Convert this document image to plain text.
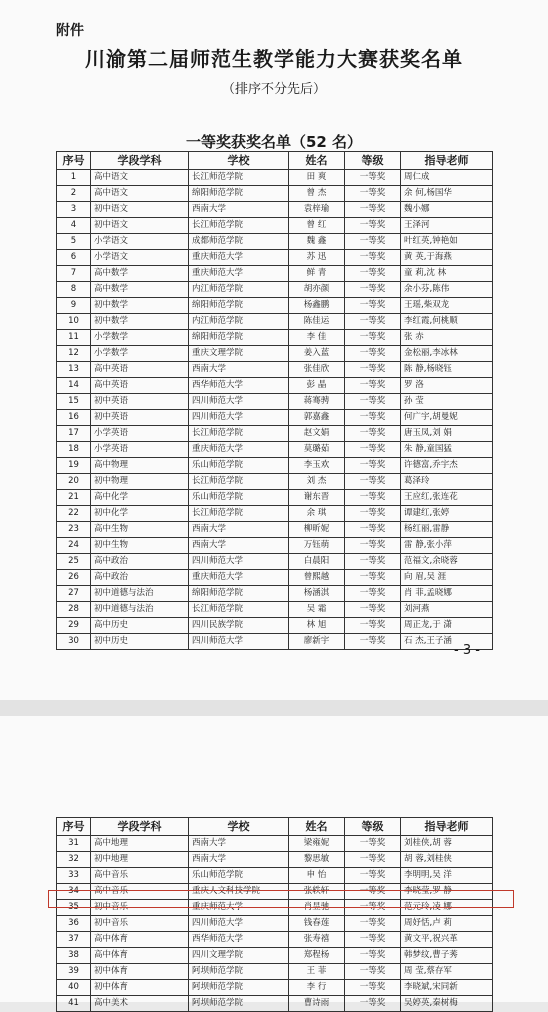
附件
川渝第二届师范生教学能力大赛获奖名单
（排序不分先后）
一等奖获奖名单（52 名）
序号	学段学科	学校	姓名	等级	指导老师
1	高中语文	长江师范学院	田 爽	一等奖	周仁成
2	高中语文	绵阳师范学院	曾 杰	一等奖	余 何,杨国华
3	初中语文	西南大学	袁梓瑜	一等奖	魏小娜
4	初中语文	长江师范学院	曾 红	一等奖	王泽河
5	小学语文	成都师范学院	魏 鑫	一等奖	叶红英,钟艳如
6	小学语文	重庆师范大学	苏 迅	一等奖	黄 英,于海燕
7	高中数学	重庆师范大学	鲜 青	一等奖	童 莉,沈 林
8	高中数学	内江师范学院	胡亦颜	一等奖	余小芬,陈伟
9	初中数学	绵阳师范学院	杨鑫鹏	一等奖	王瑶,柴双龙
10	初中数学	内江师范学院	陈佳运	一等奖	李红霞,何桃顺
11	小学数学	绵阳师范学院	李 佳	一等奖	张 赤
12	小学数学	重庆文理学院	姜入蓝	一等奖	金松丽,李冰林
13	高中英语	西南大学	张佳欣	一等奖	陈 静,杨晓钰
14	高中英语	西华师范大学	彭 晶	一等奖	罗 洛
15	初中英语	四川师范大学	蒋骞骋	一等奖	孙 莹
16	初中英语	四川师范大学	郭嘉鑫	一等奖	何广宇,胡曼妮
17	小学英语	长江师范学院	赵文娟	一等奖	唐玉凤,刘 娟
18	小学英语	重庆师范大学	莫璐茹	一等奖	朱 静,童国猛
19	高中物理	乐山师范学院	李玉欢	一等奖	许德富,乔宇杰
20	初中物理	长江师范学院	刘 杰	一等奖	葛泽玲
21	高中化学	乐山师范学院	谢东晋	一等奖	王应红,张连花
22	初中化学	长江师范学院	余 琪	一等奖	谭建红,张婷
23	高中生物	西南大学	柳昕妮	一等奖	杨红丽,雷静
24	初中生物	西南大学	万钰萌	一等奖	雷 静,张小萍
25	高中政治	四川师范大学	白晨阳	一等奖	范福文,余晓蓉
26	高中政治	重庆师范大学	曾熙越	一等奖	向 眉,吴 涯
27	初中道德与法治	绵阳师范学院	杨涵淇	一等奖	肖 菲,孟晓娜
28	初中道德与法治	长江师范学院	吴 霜	一等奖	刘河燕
29	高中历史	四川民族学院	林 旭	一等奖	周正龙,于 潇
30	初中历史	四川师范大学	廖新宇	一等奖	石 杰,王子涵
- 3 -
序号	学段学科	学校	姓名	等级	指导老师
31	高中地理	西南大学	梁雍妮	一等奖	刘桂侠,胡 蓉
32	初中地理	西南大学	黎思敏	一等奖	胡 蓉,刘桂侠
33	高中音乐	乐山师范学院	申 怡	一等奖	李明明,吴 洋
34	高中音乐	重庆人文科技学院	张轶轩	一等奖	李晓莹,罗 静
35	初中音乐	重庆师范大学	肖昱驰	一等奖	范元玲,凌 娜
36	初中音乐	四川师范大学	钱春莲	一等奖	周妤恬,卢 莉
37	高中体育	西华师范大学	张寿禧	一等奖	黄文平,祝兴革
38	高中体育	四川文理学院	郑程杨	一等奖	韩梦纹,曹子莠
39	初中体育	阿坝师范学院	王 菲	一等奖	周 莹,蔡存军
40	初中体育	阿坝师范学院	李 行	一等奖	李晓斌,宋同新
41	高中美术	阿坝师范学院	曹诗雨	一等奖	吴婷英,秦树梅
